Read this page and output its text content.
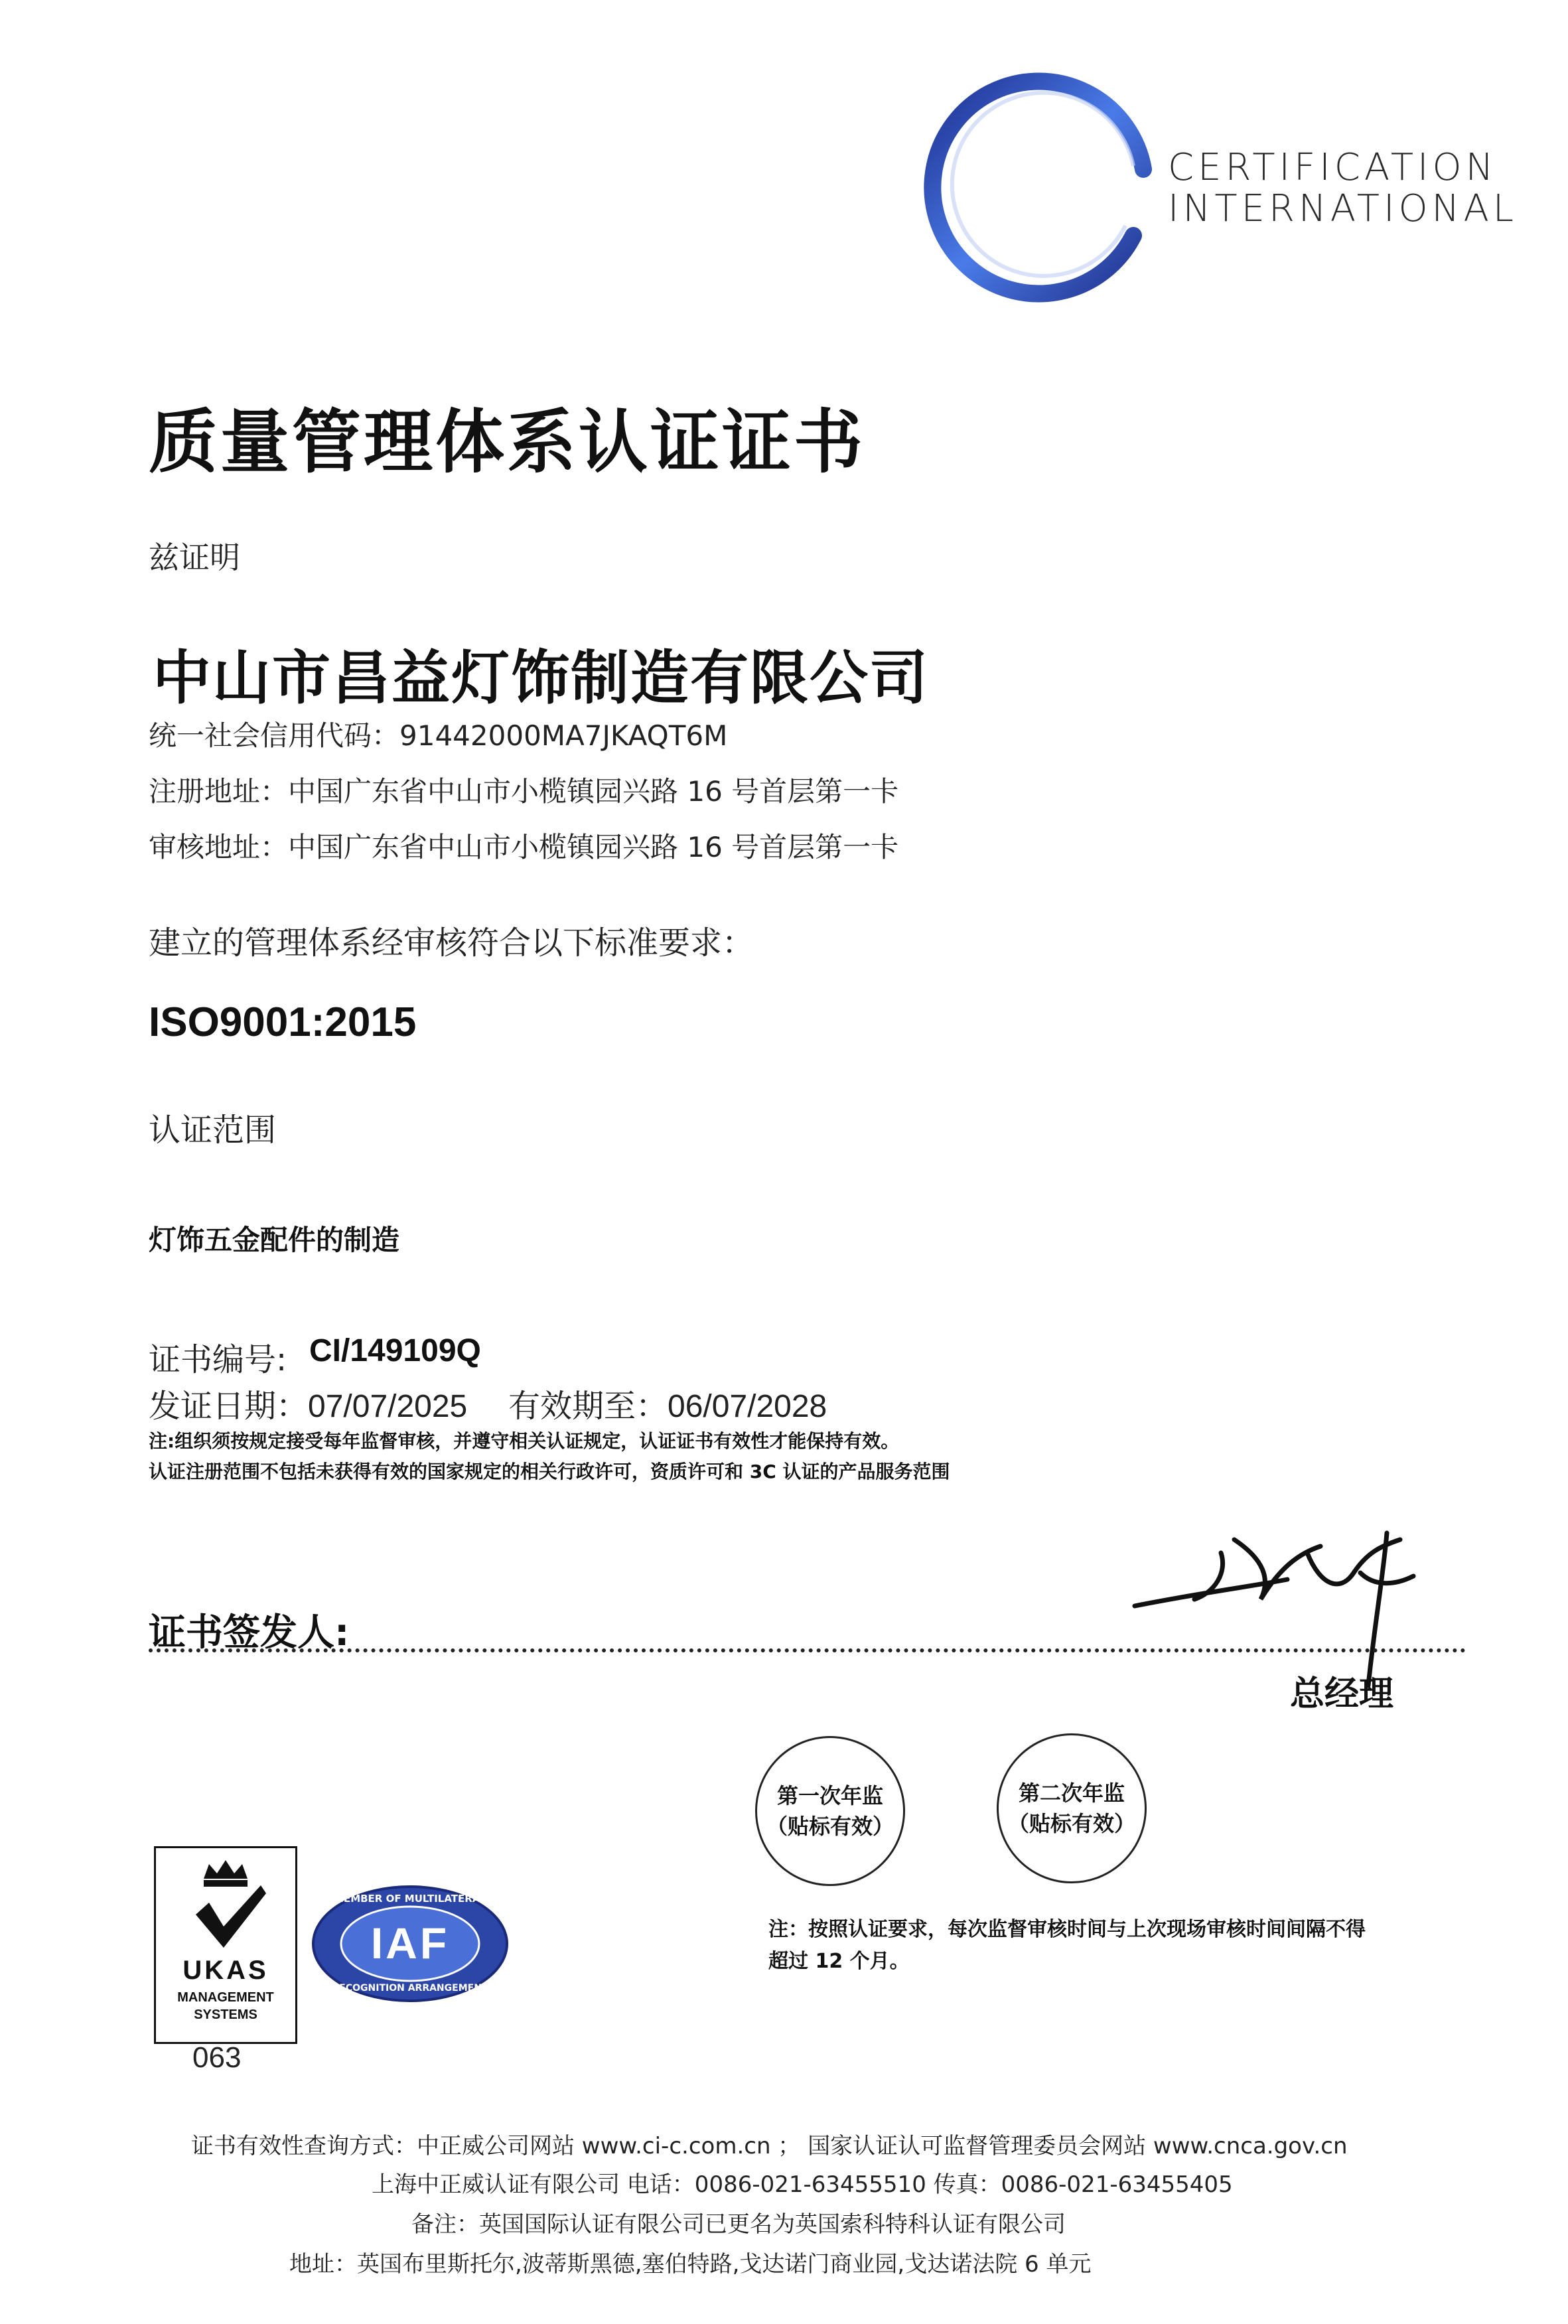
CERTIFICATION
INTERNATIONAL
质量管理体系认证证书
兹证明
中山市昌益灯饰制造有限公司
统一社会信用代码：91442000MA7JKAQT6M
注册地址：中国广东省中山市小榄镇园兴路 16 号首层第一卡
审核地址：中国广东省中山市小榄镇园兴路 16 号首层第一卡
建立的管理体系经审核符合以下标准要求：
ISO9001:2015
认证范围
灯饰五金配件的制造
证书编号: CI/149109Q
发证日期：07/07/2025 有效期至：06/07/2028
注:组织须按规定接受每年监督审核，并遵守相关认证规定，认证证书有效性才能保持有效。
认证注册范围不包括未获得有效的国家规定的相关行政许可，资质许可和 3C 认证的产品服务范围
证书签发人:
总经理
第一次年监
（贴标有效）
第二次年监
（贴标有效）
注：按照认证要求，每次监督审核时间与上次现场审核时间间隔不得
超过 12 个月。
UKAS
MANAGEMENT
SYSTEMS
063
MEMBER OF MULTILATERAL
IAF
RECOGNITION ARRANGEMENT
证书有效性查询方式：中正威公司网站 www.ci-c.com.cn ； 国家认证认可监督管理委员会网站 www.cnca.gov.cn
上海中正威认证有限公司 电话：0086-021-63455510 传真：0086-021-63455405
备注：英国国际认证有限公司已更名为英国索科特科认证有限公司
地址：英国布里斯托尔,波蒂斯黑德,塞伯特路,戈达诺门商业园,戈达诺法院 6 单元
